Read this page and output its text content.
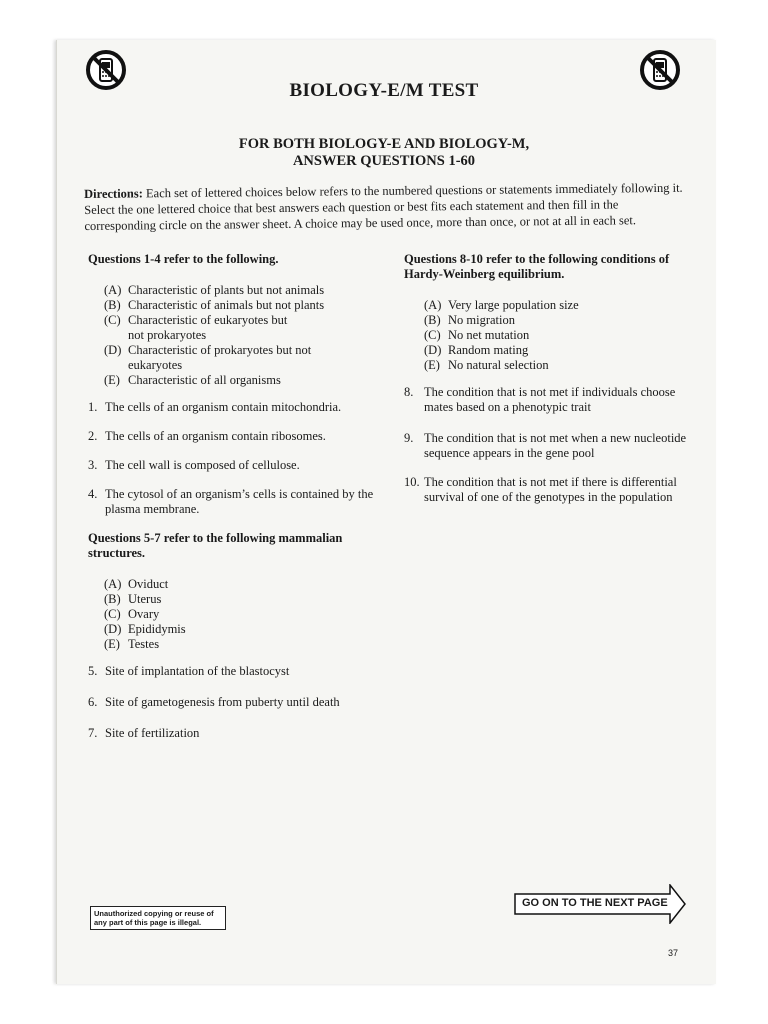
BIOLOGY-E/M TEST
FOR BOTH BIOLOGY-E AND BIOLOGY-M,
ANSWER QUESTIONS 1-60
Directions: Each set of lettered choices below refers to the numbered questions or statements immediately following it. Select the one lettered choice that best answers each question or best fits each statement and then fill in the corresponding circle on the answer sheet. A choice may be used once, more than once, or not at all in each set.
Questions 1-4 refer to the following.
(A) Characteristic of plants but not animals
(B) Characteristic of animals but not plants
(C) Characteristic of eukaryotes but not prokaryotes
(D) Characteristic of prokaryotes but not eukaryotes
(E) Characteristic of all organisms
1. The cells of an organism contain mitochondria.
2. The cells of an organism contain ribosomes.
3. The cell wall is composed of cellulose.
4. The cytosol of an organism’s cells is contained by the plasma membrane.
Questions 5-7 refer to the following mammalian structures.
(A) Oviduct
(B) Uterus
(C) Ovary
(D) Epididymis
(E) Testes
5. Site of implantation of the blastocyst
6. Site of gametogenesis from puberty until death
7. Site of fertilization
Questions 8-10 refer to the following conditions of Hardy-Weinberg equilibrium.
(A) Very large population size
(B) No migration
(C) No net mutation
(D) Random mating
(E) No natural selection
8. The condition that is not met if individuals choose mates based on a phenotypic trait
9. The condition that is not met when a new nucleotide sequence appears in the gene pool
10. The condition that is not met if there is differential survival of one of the genotypes in the population
Unauthorized copying or reuse of any part of this page is illegal.
GO ON TO THE NEXT PAGE
37
